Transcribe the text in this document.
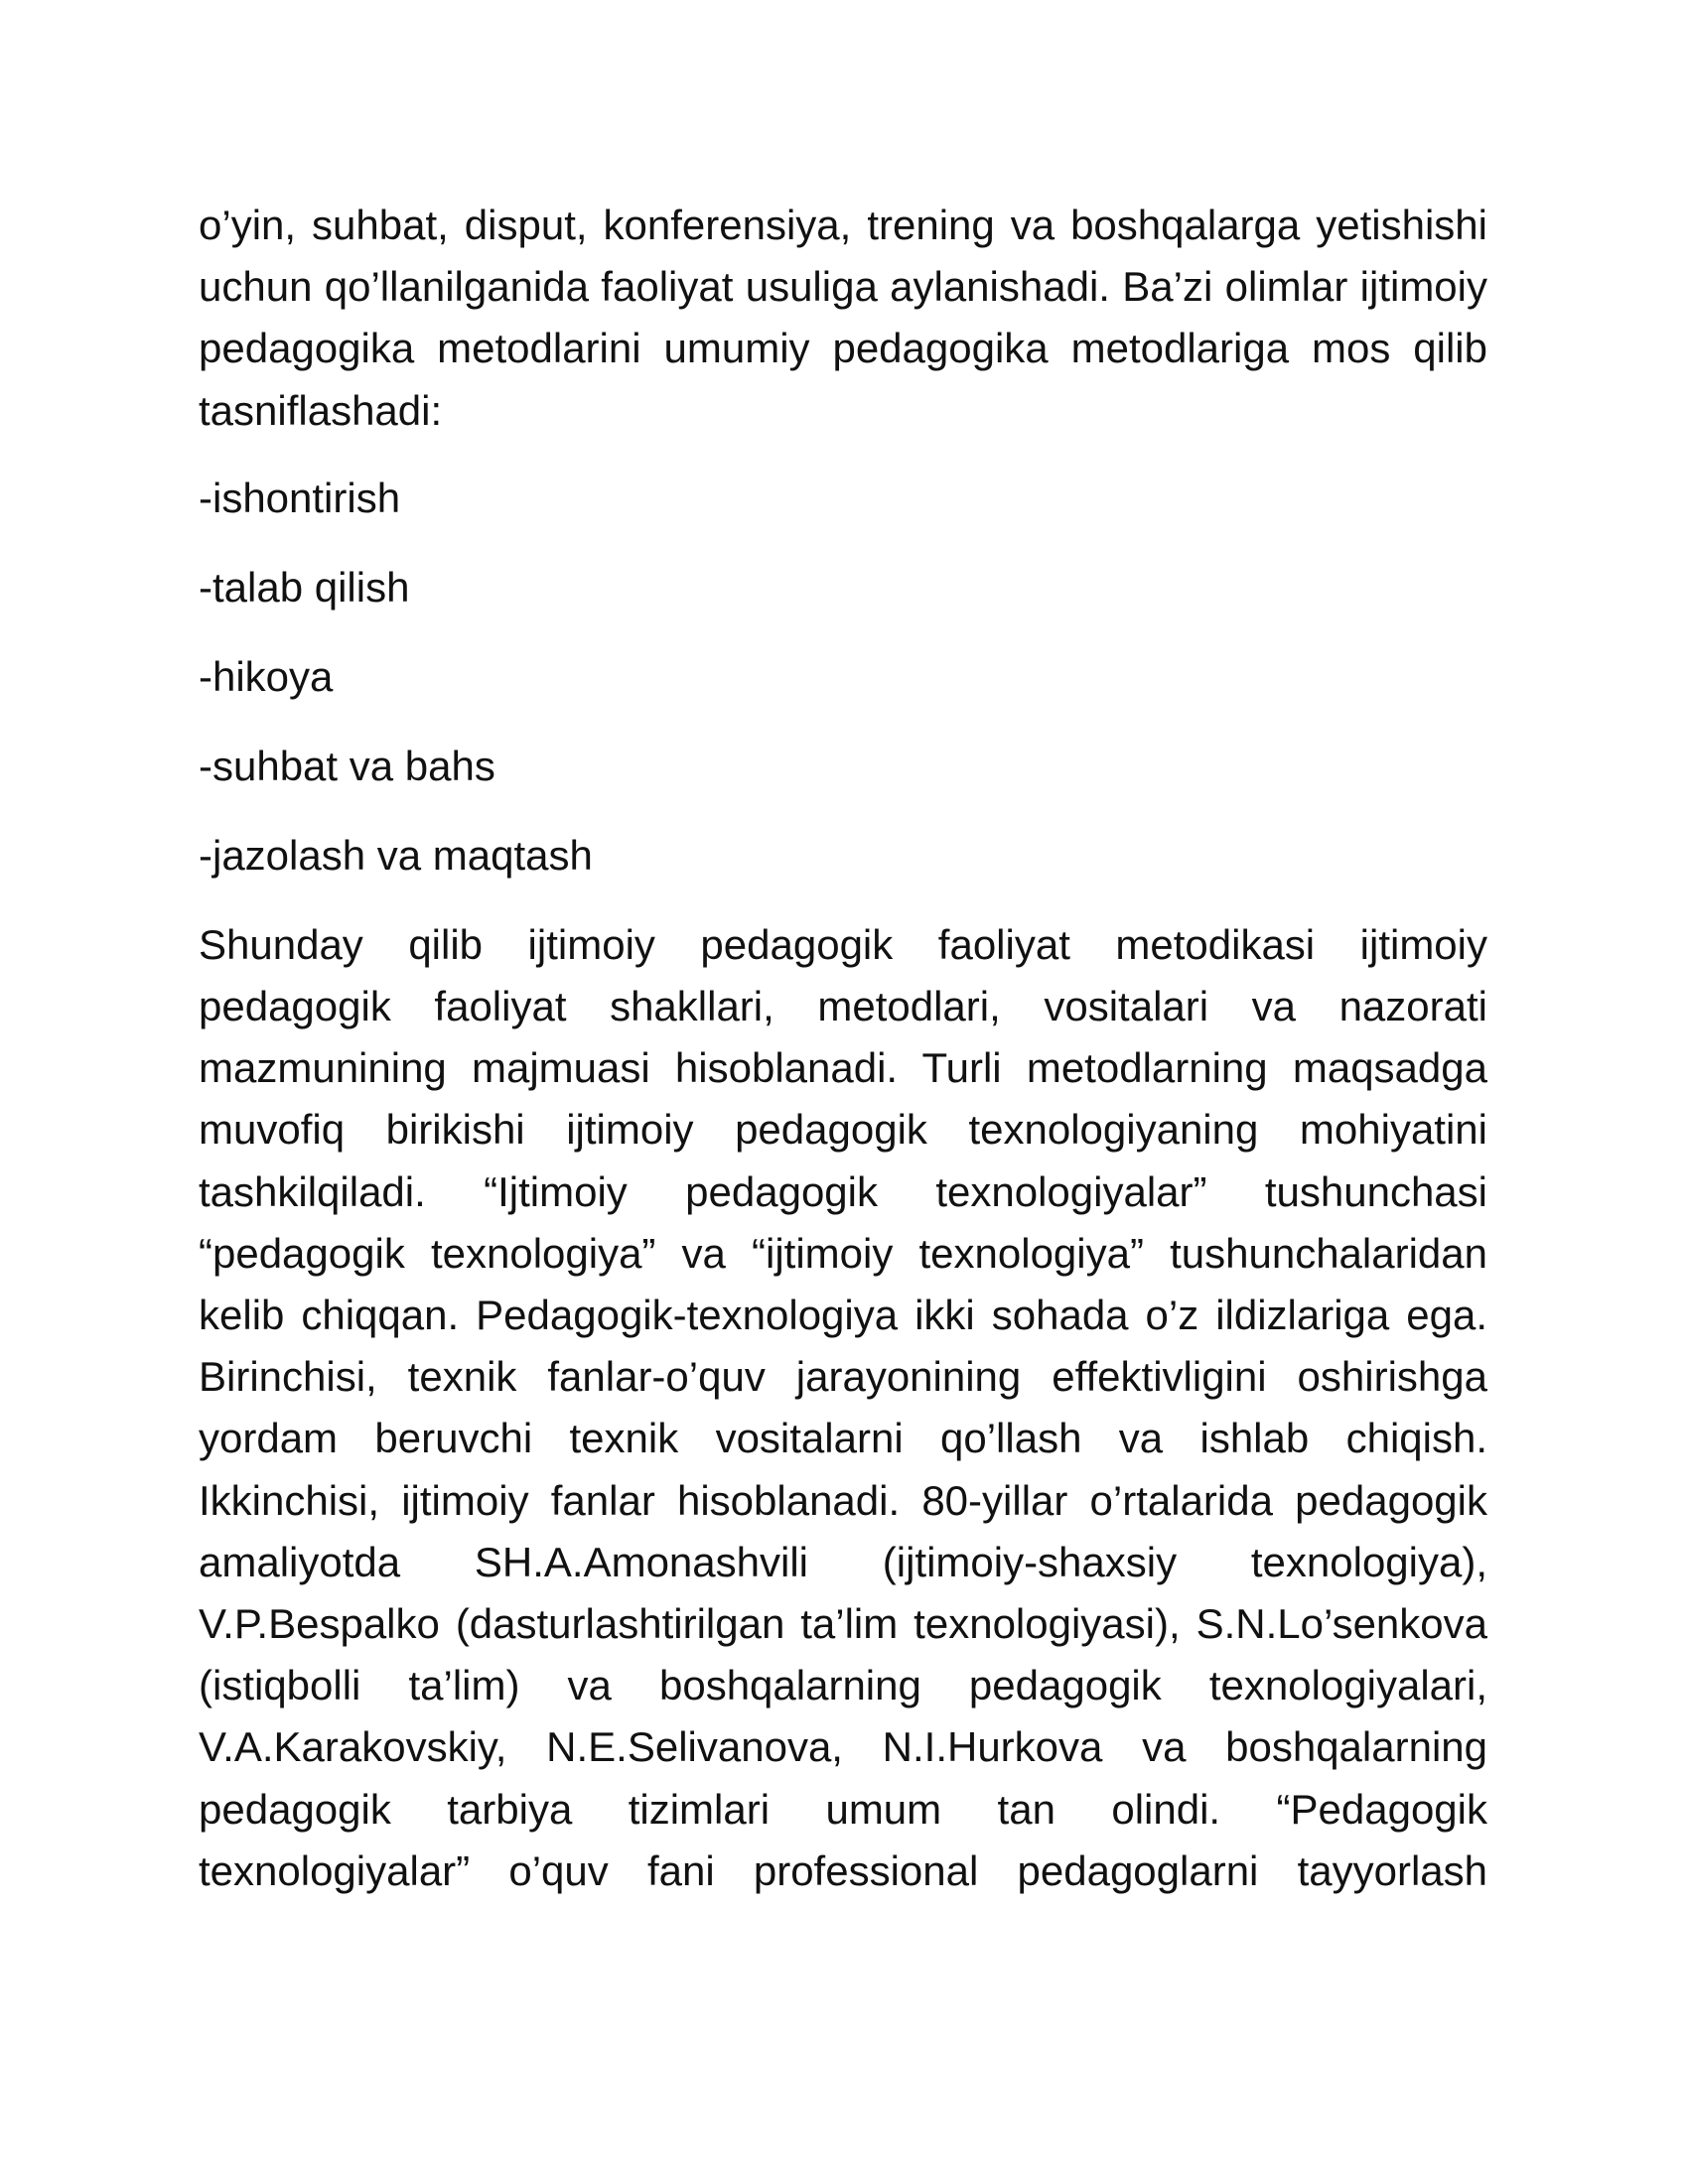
o’yin, suhbat, disput, konferensiya, trening va boshqalarga yetishishi uchun qo’llanilganida faoliyat usuliga aylanishadi. Ba’zi olimlar ijtimoiy pedagogika metodlarini umumiy pedagogika metodlariga mos qilib tasniflashadi:

-ishontirish
-talab qilish
-hikoya
-suhbat va bahs
-jazolash va maqtash

Shunday qilib ijtimoiy pedagogik faoliyat metodikasi ijtimoiy pedagogik faoliyat shakllari, metodlari, vositalari va nazorati mazmunining majmuasi hisoblanadi. Turli metodlarning maqsadga muvofiq birikishi ijtimoiy pedagogik texnologiyaning mohiyatini tashkilqiladi. “Ijtimoiy pedagogik texnologiyalar” tushunchasi “pedagogik texnologiya” va “ijtimoiy texnologiya” tushunchalaridan kelib chiqqan. Pedagogik-texnologiya ikki sohada o’z ildizlariga ega. Birinchisi, texnik fanlar-o’quv jarayonining effektivligini oshirishga yordam beruvchi texnik vositalarni qo’llash va ishlab chiqish. Ikkinchisi, ijtimoiy fanlar hisoblanadi. 80-yillar o’rtalarida pedagogik amaliyotda SH.A.Amonashvili (ijtimoiy-shaxsiy texnologiya), V.P.Bespalko (dasturlashtirilgan ta’lim texnologiyasi), S.N.Lo’senkova (istiqbolli ta’lim) va boshqalarning pedagogik texnologiyalari, V.A.Karakovskiy, N.E.Selivanova, N.I.Hurkova va boshqalarning pedagogik tarbiya tizimlari umum tan olindi. “Pedagogik texnologiyalar” o’quv fani professional pedagoglarni tayyorlash
